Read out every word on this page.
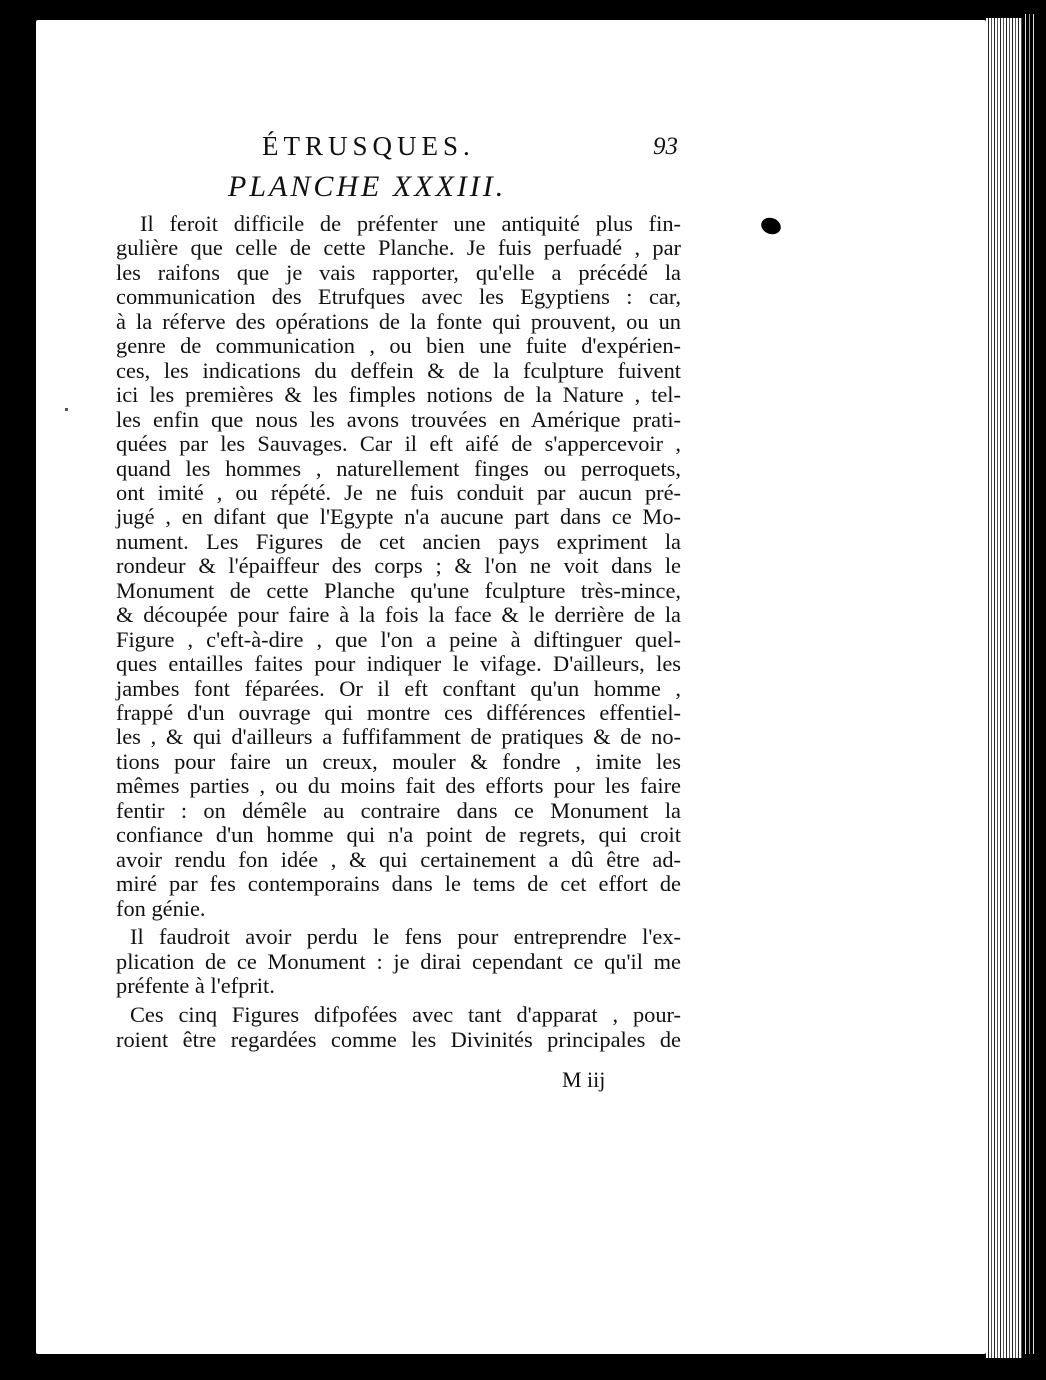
ÉTRUSQUES.	93
PLANCHE XXXIII.
Il feroit difficile de préfenter une antiquité plus fin-
gulière que celle de cette Planche. Je fuis perfuadé , par
les raifons que je vais rapporter, qu'elle a précédé la
communication des Etrufques avec les Egyptiens : car,
à la réferve des opérations de la fonte qui prouvent, ou un
genre de communication , ou bien une fuite d'expérien-
ces, les indications du deffein & de la fculpture fuivent
ici les premières & les fimples notions de la Nature , tel-
les enfin que nous les avons trouvées en Amérique prati-
quées par les Sauvages. Car il eft aifé de s'appercevoir ,
quand les hommes , naturellement finges ou perroquets,
ont imité , ou répété. Je ne fuis conduit par aucun pré-
jugé , en difant que l'Egypte n'a aucune part dans ce Mo-
nument. Les Figures de cet ancien pays expriment la
rondeur & l'épaiffeur des corps ; & l'on ne voit dans le
Monument de cette Planche qu'une fculpture très-mince,
& découpée pour faire à la fois la face & le derrière de la
Figure , c'eft-à-dire , que l'on a peine à diftinguer quel-
ques entailles faites pour indiquer le vifage. D'ailleurs, les
jambes font féparées. Or il eft conftant qu'un homme ,
frappé d'un ouvrage qui montre ces différences effentiel-
les , & qui d'ailleurs a fuffifamment de pratiques & de no-
tions pour faire un creux, mouler & fondre , imite les
mêmes parties , ou du moins fait des efforts pour les faire
fentir : on démêle au contraire dans ce Monument la
confiance d'un homme qui n'a point de regrets, qui croit
avoir rendu fon idée , & qui certainement a dû être ad-
miré par fes contemporains dans le tems de cet effort de
fon génie.
Il faudroit avoir perdu le fens pour entreprendre l'ex-
plication de ce Monument : je dirai cependant ce qu'il me
préfente à l'efprit.
Ces cinq Figures difpofées avec tant d'apparat , pour-
roient être regardées comme les Divinités principales de
M iij
